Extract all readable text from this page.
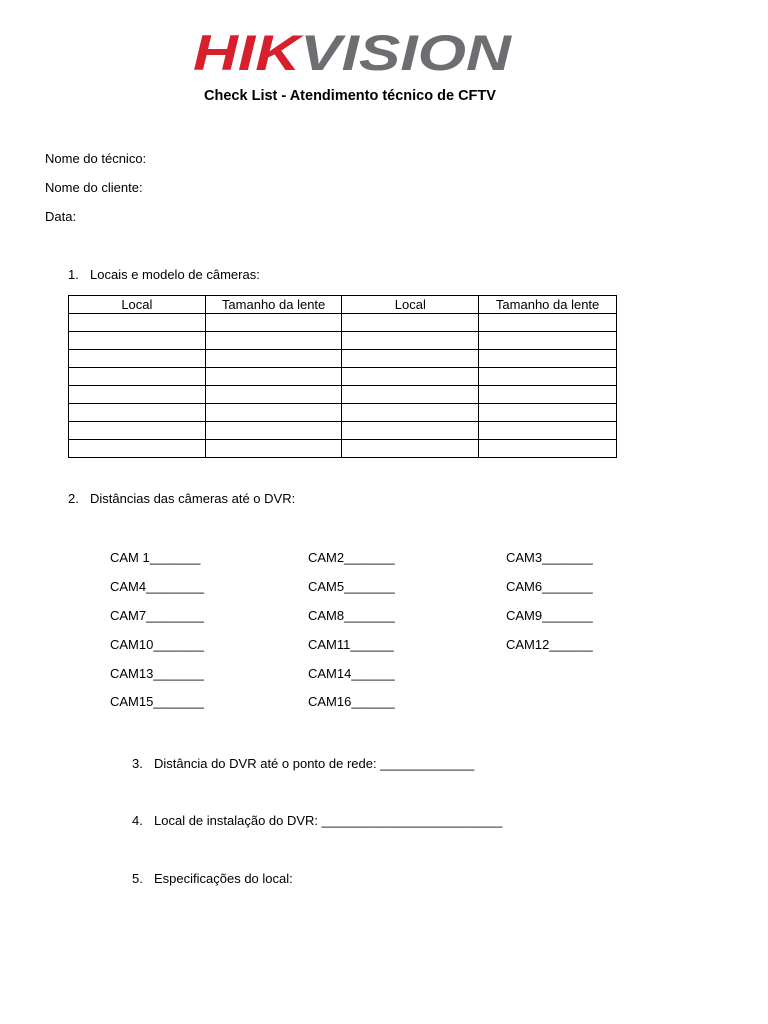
HIK VISION
Check List - Atendimento técnico de CFTV
Nome do técnico:
Nome do cliente:
Data:
1. Locais e modelo de câmeras:
Local	Tamanho da lente	Local	Tamanho da lente

2. Distâncias das câmeras até o DVR:
CAM 1_______	CAM2_______	CAM3_______
CAM4________	CAM5_______	CAM6_______
CAM7________	CAM8_______	CAM9_______
CAM10_______	CAM11______	CAM12______
CAM13_______	CAM14______
CAM15_______	CAM16______
3. Distância do DVR até o ponto de rede: _____________
4. Local de instalação do DVR: _________________________
5. Especificações do local:
